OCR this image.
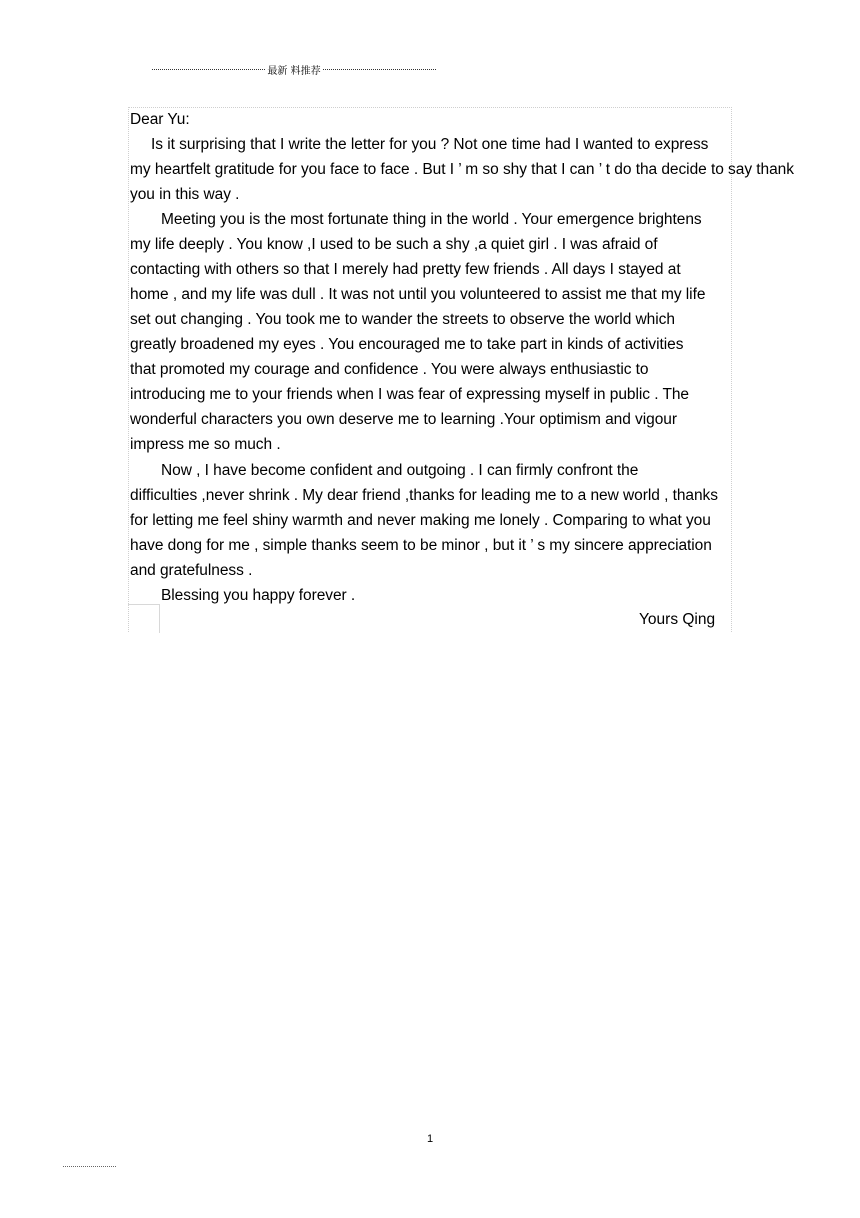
最新 料推荐
Dear Yu:
Is it surprising that I write the letter for you ? Not one time had I wanted to express
my heartfelt gratitude for you face to face . But I ’ m so shy that I can ’ t do tha decide to say thank
you in this way .
Meeting you is the most fortunate thing in the world . Your emergence brightens
my life deeply . You know ,I used to be such a shy ,a quiet girl . I was afraid of
contacting with others so that I merely had pretty few friends . All days I stayed at
home , and my life was dull . It was not until you volunteered to assist me that my life
set out changing . You took me to wander the streets to observe the world which
greatly broadened my eyes . You encouraged me to take part in kinds of activities
that promoted my courage and confidence . You were always enthusiastic to
introducing me to your friends when I was fear of expressing myself in public . The
wonderful characters you own deserve me to learning .Your optimism and vigour
impress me so much .
Now , I have become confident and outgoing . I can firmly confront the
difficulties ,never shrink . My dear friend ,thanks for leading me to a new world , thanks
for letting me feel shiny warmth and never making me lonely . Comparing to what you
have dong for me , simple thanks seem to be minor , but it ’ s my sincere appreciation
and gratefulness .
Blessing you happy forever .
Yours Qing
1
